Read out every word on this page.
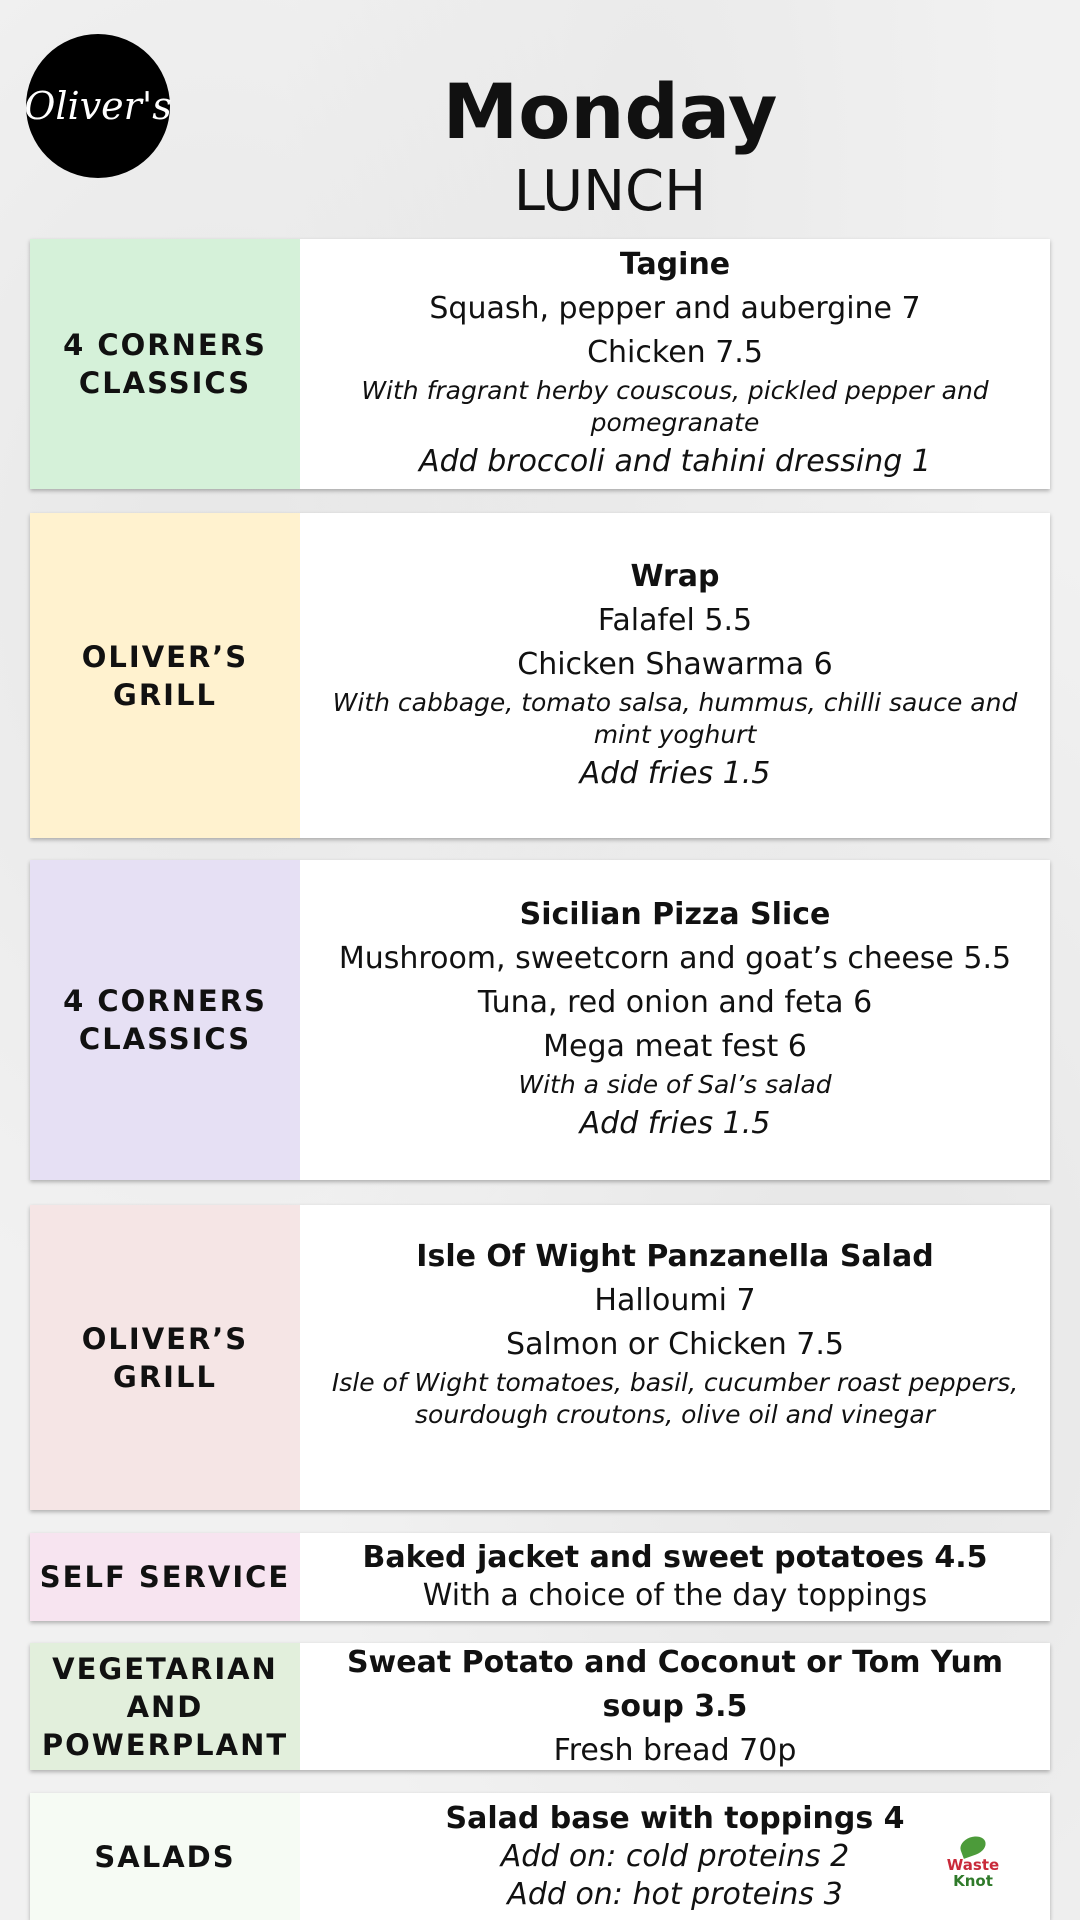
Oliver's	Monday
LUNCH
4 CORNERS CLASSICS
Tagine
Squash, pepper and aubergine 7
Chicken 7.5
With fragrant herby couscous, pickled pepper and pomegranate
Add broccoli and tahini dressing 1
OLIVER’S GRILL
Wrap
Falafel 5.5
Chicken Shawarma 6
With cabbage, tomato salsa, hummus, chilli sauce and mint yoghurt
Add fries 1.5
4 CORNERS CLASSICS
Sicilian Pizza Slice
Mushroom, sweetcorn and goat’s cheese 5.5
Tuna, red onion and feta 6
Mega meat fest 6
With a side of Sal’s salad
Add fries 1.5
OLIVER’S GRILL
Isle Of Wight Panzanella Salad
Halloumi 7
Salmon or Chicken 7.5
Isle of Wight tomatoes, basil, cucumber roast peppers, sourdough croutons, olive oil and vinegar
SELF SERVICE
Baked jacket and sweet potatoes 4.5
With a choice of the day toppings
VEGETARIAN AND POWERPLANT
Sweat Potato and Coconut or Tom Yum soup 3.5
Fresh bread 70p
SALADS
Salad base with toppings 4
Add on: cold proteins 2
Add on: hot proteins 3
Waste
Knot
